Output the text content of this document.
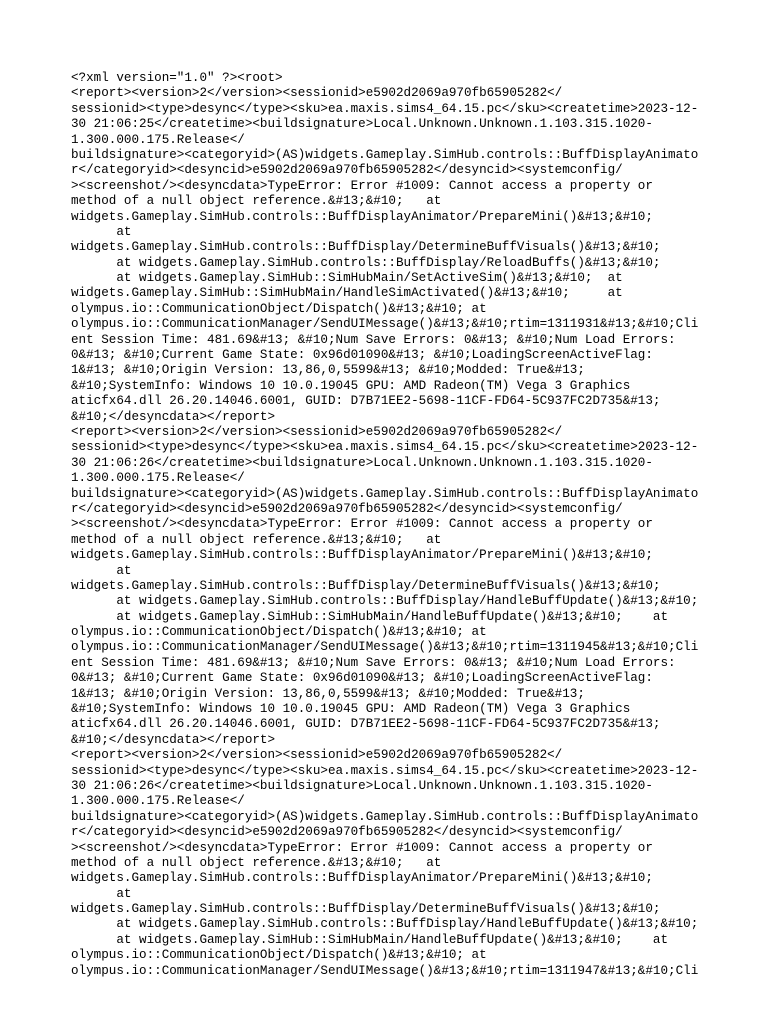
<?xml version="1.0" ?><root>
<report><version>2</version><sessionid>e5902d2069a970fb65905282</
sessionid><type>desync</type><sku>ea.maxis.sims4_64.15.pc</sku><createtime>2023-12-
30 21:06:25</createtime><buildsignature>Local.Unknown.Unknown.1.103.315.1020-
1.300.000.175.Release</
buildsignature><categoryid>(AS)widgets.Gameplay.SimHub.controls::BuffDisplayAnimato
r</categoryid><desyncid>e5902d2069a970fb65905282</desyncid><systemconfig/
><screenshot/><desyncdata>TypeError: Error #1009: Cannot access a property or
method of a null object reference.&#13;&#10;   at
widgets.Gameplay.SimHub.controls::BuffDisplayAnimator/PrepareMini()&#13;&#10;
at
widgets.Gameplay.SimHub.controls::BuffDisplay/DetermineBuffVisuals()&#13;&#10;
at widgets.Gameplay.SimHub.controls::BuffDisplay/ReloadBuffs()&#13;&#10;
at widgets.Gameplay.SimHub::SimHubMain/SetActiveSim()&#13;&#10;  at
widgets.Gameplay.SimHub::SimHubMain/HandleSimActivated()&#13;&#10;     at
olympus.io::CommunicationObject/Dispatch()&#13;&#10; at
olympus.io::CommunicationManager/SendUIMessage()&#13;&#10;rtim=1311931&#13;&#10;Cli
ent Session Time: 481.69&#13; &#10;Num Save Errors: 0&#13; &#10;Num Load Errors:
0&#13; &#10;Current Game State: 0x96d01090&#13; &#10;LoadingScreenActiveFlag:
1&#13; &#10;Origin Version: 13,86,0,5599&#13; &#10;Modded: True&#13;
&#10;SystemInfo: Windows 10 10.0.19045 GPU: AMD Radeon(TM) Vega 3 Graphics
aticfx64.dll 26.20.14046.6001, GUID: D7B71EE2-5698-11CF-FD64-5C937FC2D735&#13;
&#10;</desyncdata></report>
<report><version>2</version><sessionid>e5902d2069a970fb65905282</
sessionid><type>desync</type><sku>ea.maxis.sims4_64.15.pc</sku><createtime>2023-12-
30 21:06:26</createtime><buildsignature>Local.Unknown.Unknown.1.103.315.1020-
1.300.000.175.Release</
buildsignature><categoryid>(AS)widgets.Gameplay.SimHub.controls::BuffDisplayAnimato
r</categoryid><desyncid>e5902d2069a970fb65905282</desyncid><systemconfig/
><screenshot/><desyncdata>TypeError: Error #1009: Cannot access a property or
method of a null object reference.&#13;&#10;   at
widgets.Gameplay.SimHub.controls::BuffDisplayAnimator/PrepareMini()&#13;&#10;
at
widgets.Gameplay.SimHub.controls::BuffDisplay/DetermineBuffVisuals()&#13;&#10;
at widgets.Gameplay.SimHub.controls::BuffDisplay/HandleBuffUpdate()&#13;&#10;
at widgets.Gameplay.SimHub::SimHubMain/HandleBuffUpdate()&#13;&#10;    at
olympus.io::CommunicationObject/Dispatch()&#13;&#10; at
olympus.io::CommunicationManager/SendUIMessage()&#13;&#10;rtim=1311945&#13;&#10;Cli
ent Session Time: 481.69&#13; &#10;Num Save Errors: 0&#13; &#10;Num Load Errors:
0&#13; &#10;Current Game State: 0x96d01090&#13; &#10;LoadingScreenActiveFlag:
1&#13; &#10;Origin Version: 13,86,0,5599&#13; &#10;Modded: True&#13;
&#10;SystemInfo: Windows 10 10.0.19045 GPU: AMD Radeon(TM) Vega 3 Graphics
aticfx64.dll 26.20.14046.6001, GUID: D7B71EE2-5698-11CF-FD64-5C937FC2D735&#13;
&#10;</desyncdata></report>
<report><version>2</version><sessionid>e5902d2069a970fb65905282</
sessionid><type>desync</type><sku>ea.maxis.sims4_64.15.pc</sku><createtime>2023-12-
30 21:06:26</createtime><buildsignature>Local.Unknown.Unknown.1.103.315.1020-
1.300.000.175.Release</
buildsignature><categoryid>(AS)widgets.Gameplay.SimHub.controls::BuffDisplayAnimato
r</categoryid><desyncid>e5902d2069a970fb65905282</desyncid><systemconfig/
><screenshot/><desyncdata>TypeError: Error #1009: Cannot access a property or
method of a null object reference.&#13;&#10;   at
widgets.Gameplay.SimHub.controls::BuffDisplayAnimator/PrepareMini()&#13;&#10;
at
widgets.Gameplay.SimHub.controls::BuffDisplay/DetermineBuffVisuals()&#13;&#10;
at widgets.Gameplay.SimHub.controls::BuffDisplay/HandleBuffUpdate()&#13;&#10;
at widgets.Gameplay.SimHub::SimHubMain/HandleBuffUpdate()&#13;&#10;    at
olympus.io::CommunicationObject/Dispatch()&#13;&#10; at
olympus.io::CommunicationManager/SendUIMessage()&#13;&#10;rtim=1311947&#13;&#10;Cli
